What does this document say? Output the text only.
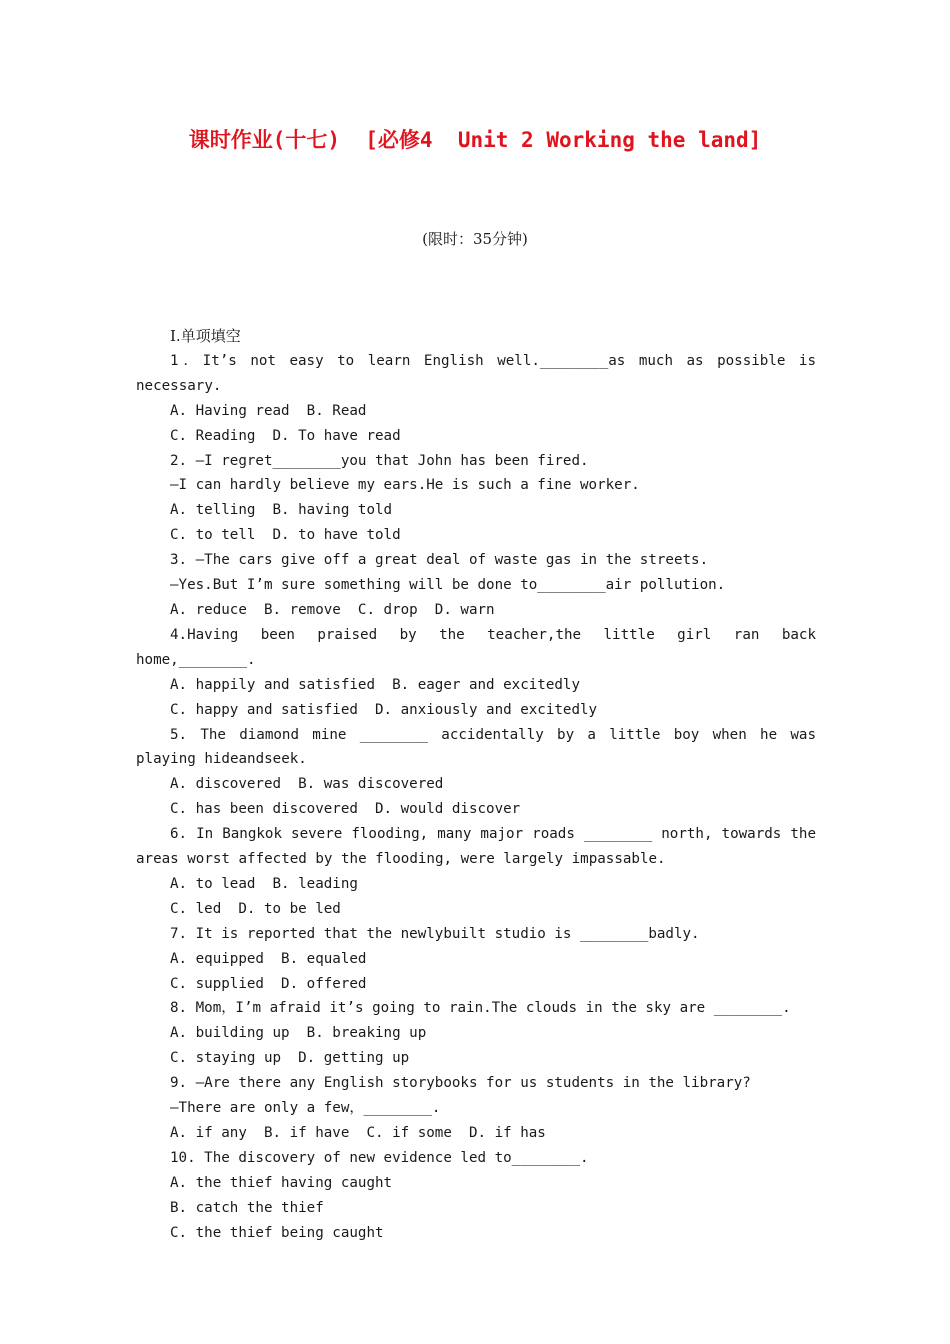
课时作业(十七)  [必修4  Unit 2 Working the land]
(限时：35分钟)
Ⅰ.单项填空

1．It’s not easy to learn English well.________as much as possible is necessary.

A. Having read  B. Read

C. Reading  D. To have read

2. —I regret________you that John has been fired.

—I can hardly believe my ears.He is such a fine worker.

A. telling  B. having told

C. to tell  D. to have told

3. —The cars give off a great deal of waste gas in the streets.

—Yes.But I’m sure something will be done to________air pollution.

A. reduce  B. remove  C. drop  D. warn

4.Having been praised by the teacher,the little girl ran back home,________.

A. happily and satisfied  B. eager and excitedly

C. happy and satisfied  D. anxiously and excitedly

5. The diamond mine ________ accidentally by a little boy when he was playing hideandseek.

A. discovered  B. was discovered

C. has been discovered  D. would discover

6. In Bangkok severe flooding, many major roads ________ north, towards the areas worst affected by the flooding, were largely impassable.

A. to lead  B. leading

C. led  D. to be led

7. It is reported that the newlybuilt studio is ________badly.

A. equipped  B. equaled

C. supplied  D. offered

8. Mom，I’m afraid it’s going to rain.The clouds in the sky are ________.

A. building up  B. breaking up

C. staying up  D. getting up

9. —Are there any English storybooks for us students in the library?

—There are only a few，________.

A. if any  B. if have  C. if some  D. if has

10. The discovery of new evidence led to________.

A. the thief having caught

B. catch the thief

C. the thief being caught
